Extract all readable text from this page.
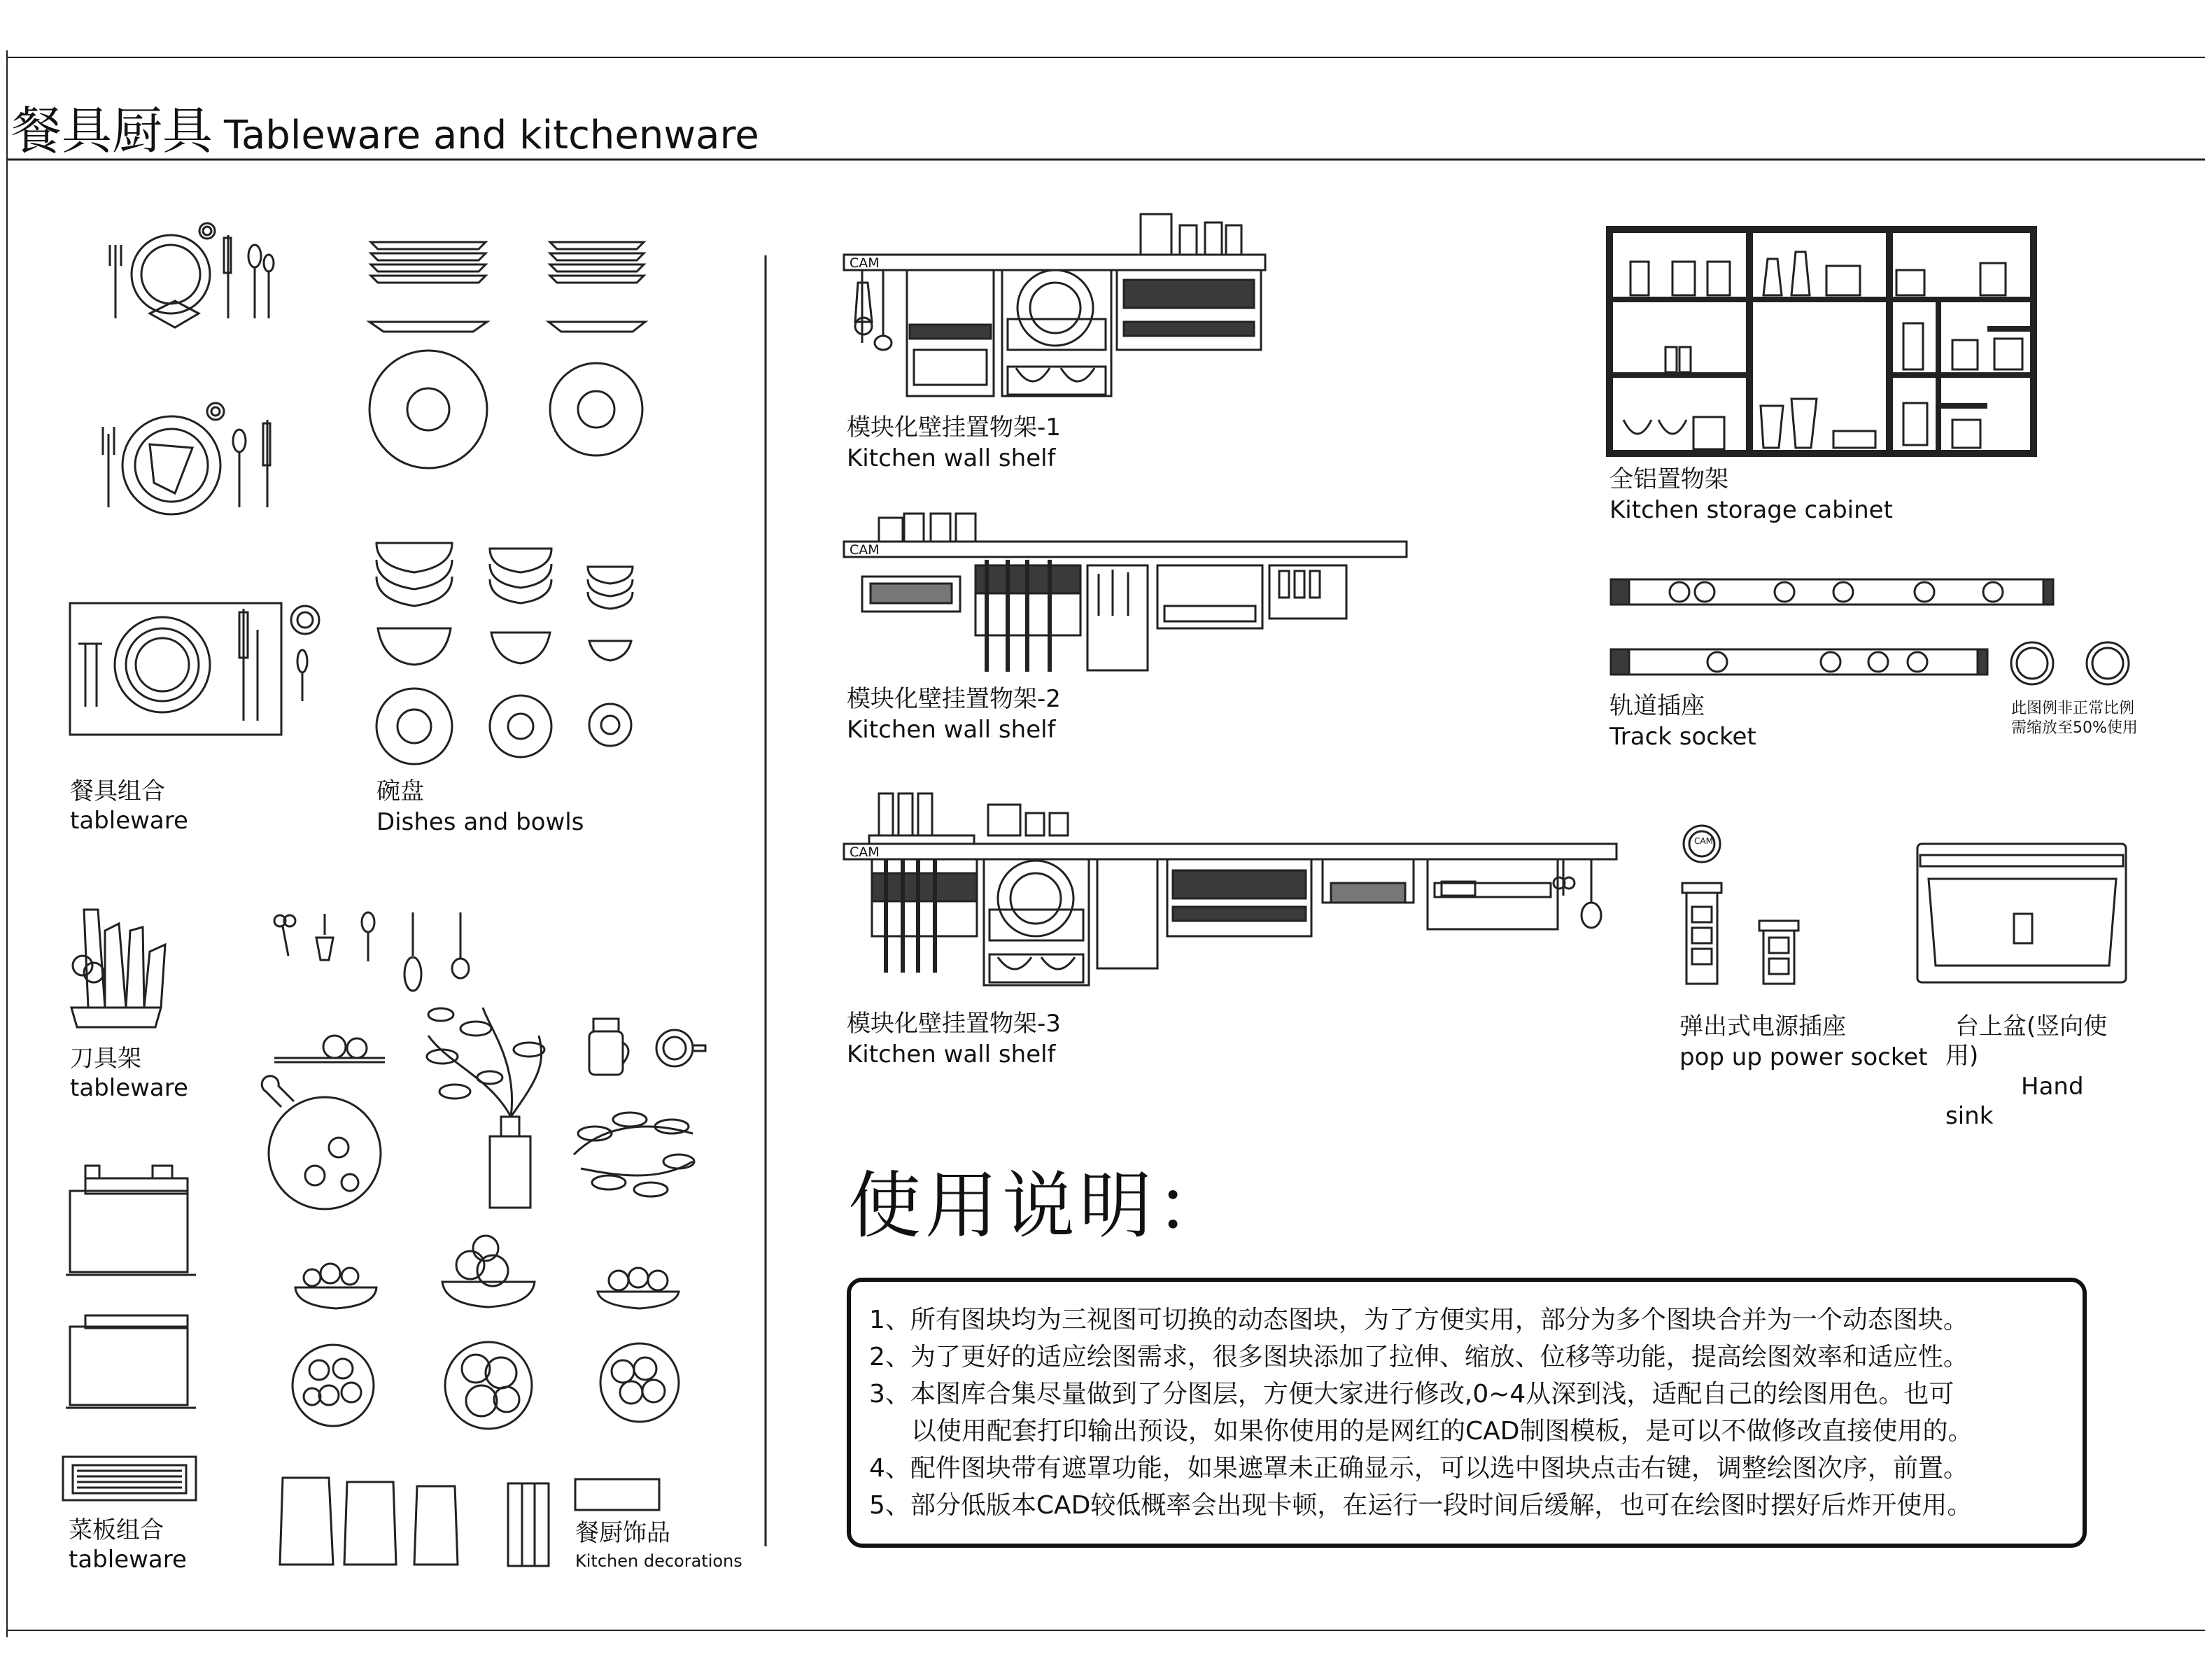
餐具厨具 Tableware and kitchenware
餐具组合
tableware
碗盘
Dishes and bowls
刀具架
tableware
菜板组合
tableware
餐厨饰品
Kitchen decorations
CAM
CAM
CAM
CAM
模块化壁挂置物架-1
Kitchen wall shelf
模块化壁挂置物架-2
Kitchen wall shelf
模块化壁挂置物架-3
Kitchen wall shelf
全铝置物架
Kitchen storage cabinet
轨道插座
Track socket
此图例非正常比例
需缩放至50%使用
弹出式电源插座
pop up power socket
台上盆(竖向使
用)
Hand
sink
使用说明：

1、所有图块均为三视图可切换的动态图块，为了方便实用，部分为多个图块合并为一个动态图块。

2、为了更好的适应绘图需求，很多图块添加了拉伸、缩放、位移等功能，提高绘图效率和适应性。

3、本图库合集尽量做到了分图层，方便大家进行修改,0~4从深到浅，适配自己的绘图用色。也可

以使用配套打印输出预设，如果你使用的是网红的CAD制图模板，是可以不做修改直接使用的。

4、配件图块带有遮罩功能，如果遮罩未正确显示，可以选中图块点击右键，调整绘图次序，前置。

5、部分低版本CAD较低概率会出现卡顿，在运行一段时间后缓解，也可在绘图时摆好后炸开使用。
